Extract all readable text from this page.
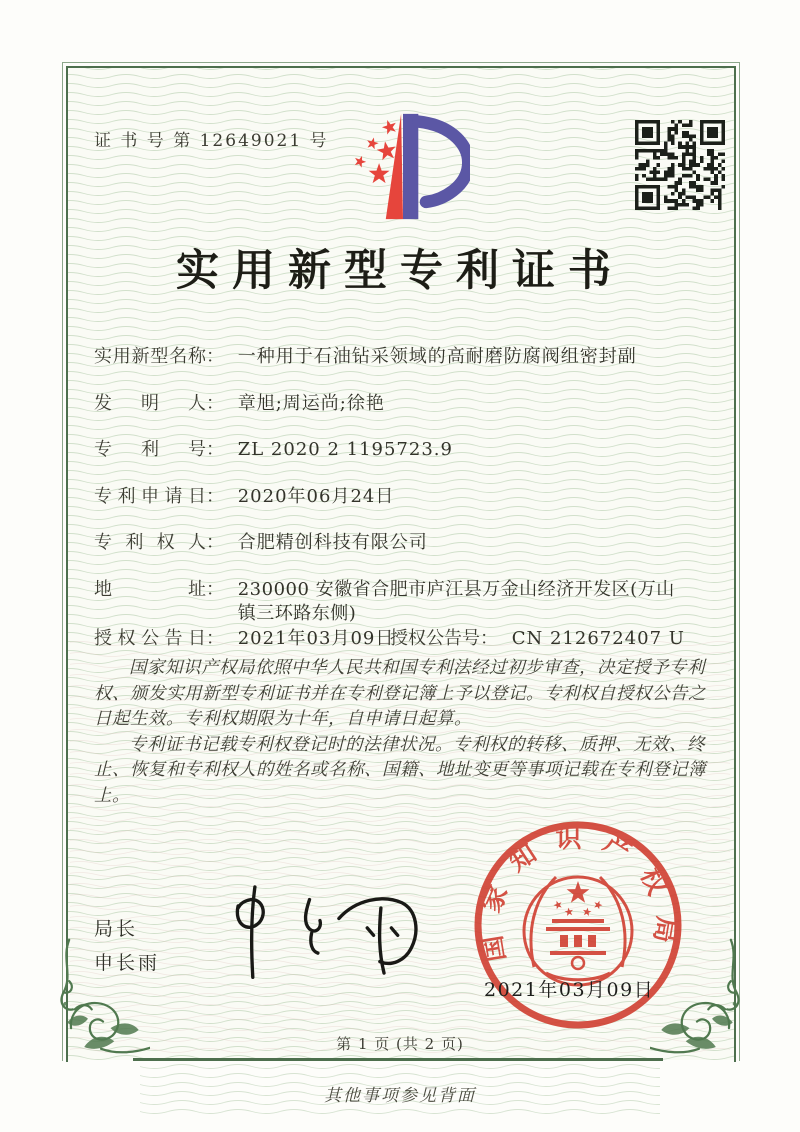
证 书 号 第 12649021 号
实用新型专利证书
实用新型名称： 一种用于石油钻采领域的高耐磨防腐阀组密封副
发明人： 章旭;周运尚;徐艳
专利号： ZL 2020 2 1195723.9
专利申请日： 2020年06月24日
专利权人： 合肥精创科技有限公司
地址： 230000 安徽省合肥市庐江县万金山经济开发区(万山镇三环路东侧)
授权公告日： 2021年03月09日
授权公告号： CN 212672407 U

国家知识产权局依照中华人民共和国专利法经过初步审查，决定授予专利权、颁发实用新型专利证书并在专利登记簿上予以登记。专利权自授权公告之日起生效。专利权期限为十年，自申请日起算。

专利证书记载专利权登记时的法律状况。专利权的转移、质押、无效、终止、恢复和专利权人的姓名或名称、国籍、地址变更等事项记载在专利登记簿上。

局长
申长雨	国家知识产权局
2021年03月09日
第 1 页 (共 2 页)
其他事项参见背面
